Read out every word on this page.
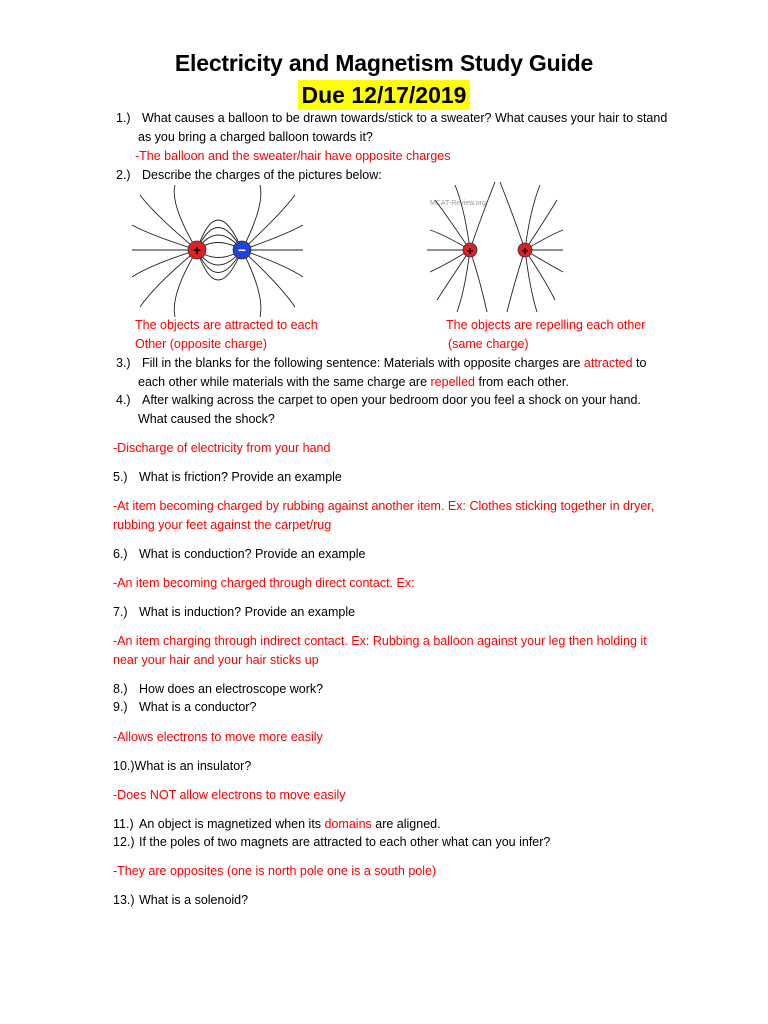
Electricity and Magnetism Study Guide
Due 12/17/2019
1.) What causes a balloon to be drawn towards/stick to a sweater? What causes your hair to stand
as you bring a charged balloon towards it?
-The balloon and the sweater/hair have opposite charges
2.) Describe the charges of the pictures below:
+	−
MCAT-Review.org
+	+
The objects are attracted to each
Other (opposite charge)
The objects are repelling each other
(same charge)
3.) Fill in the blanks for the following sentence: Materials with opposite charges are attracted to
each other while materials with the same charge are repelled from each other.
4.) After walking across the carpet to open your bedroom door you feel a shock on your hand.
What caused the shock?
-Discharge of electricity from your hand
5.) What is friction? Provide an example
-At item becoming charged by rubbing against another item. Ex: Clothes sticking together in dryer,
rubbing your feet against the carpet/rug
6.) What is conduction? Provide an example
-An item becoming charged through direct contact. Ex:
7.) What is induction? Provide an example
-An item charging through indirect contact. Ex: Rubbing a balloon against your leg then holding it
near your hair and your hair sticks up
8.) How does an electroscope work?
9.) What is a conductor?
-Allows electrons to move more easily
10.)What is an insulator?
-Does NOT allow electrons to move easily
11.) An object is magnetized when its domains are aligned.
12.) If the poles of two magnets are attracted to each other what can you infer?
-They are opposites (one is north pole one is a south pole)
13.) What is a solenoid?
